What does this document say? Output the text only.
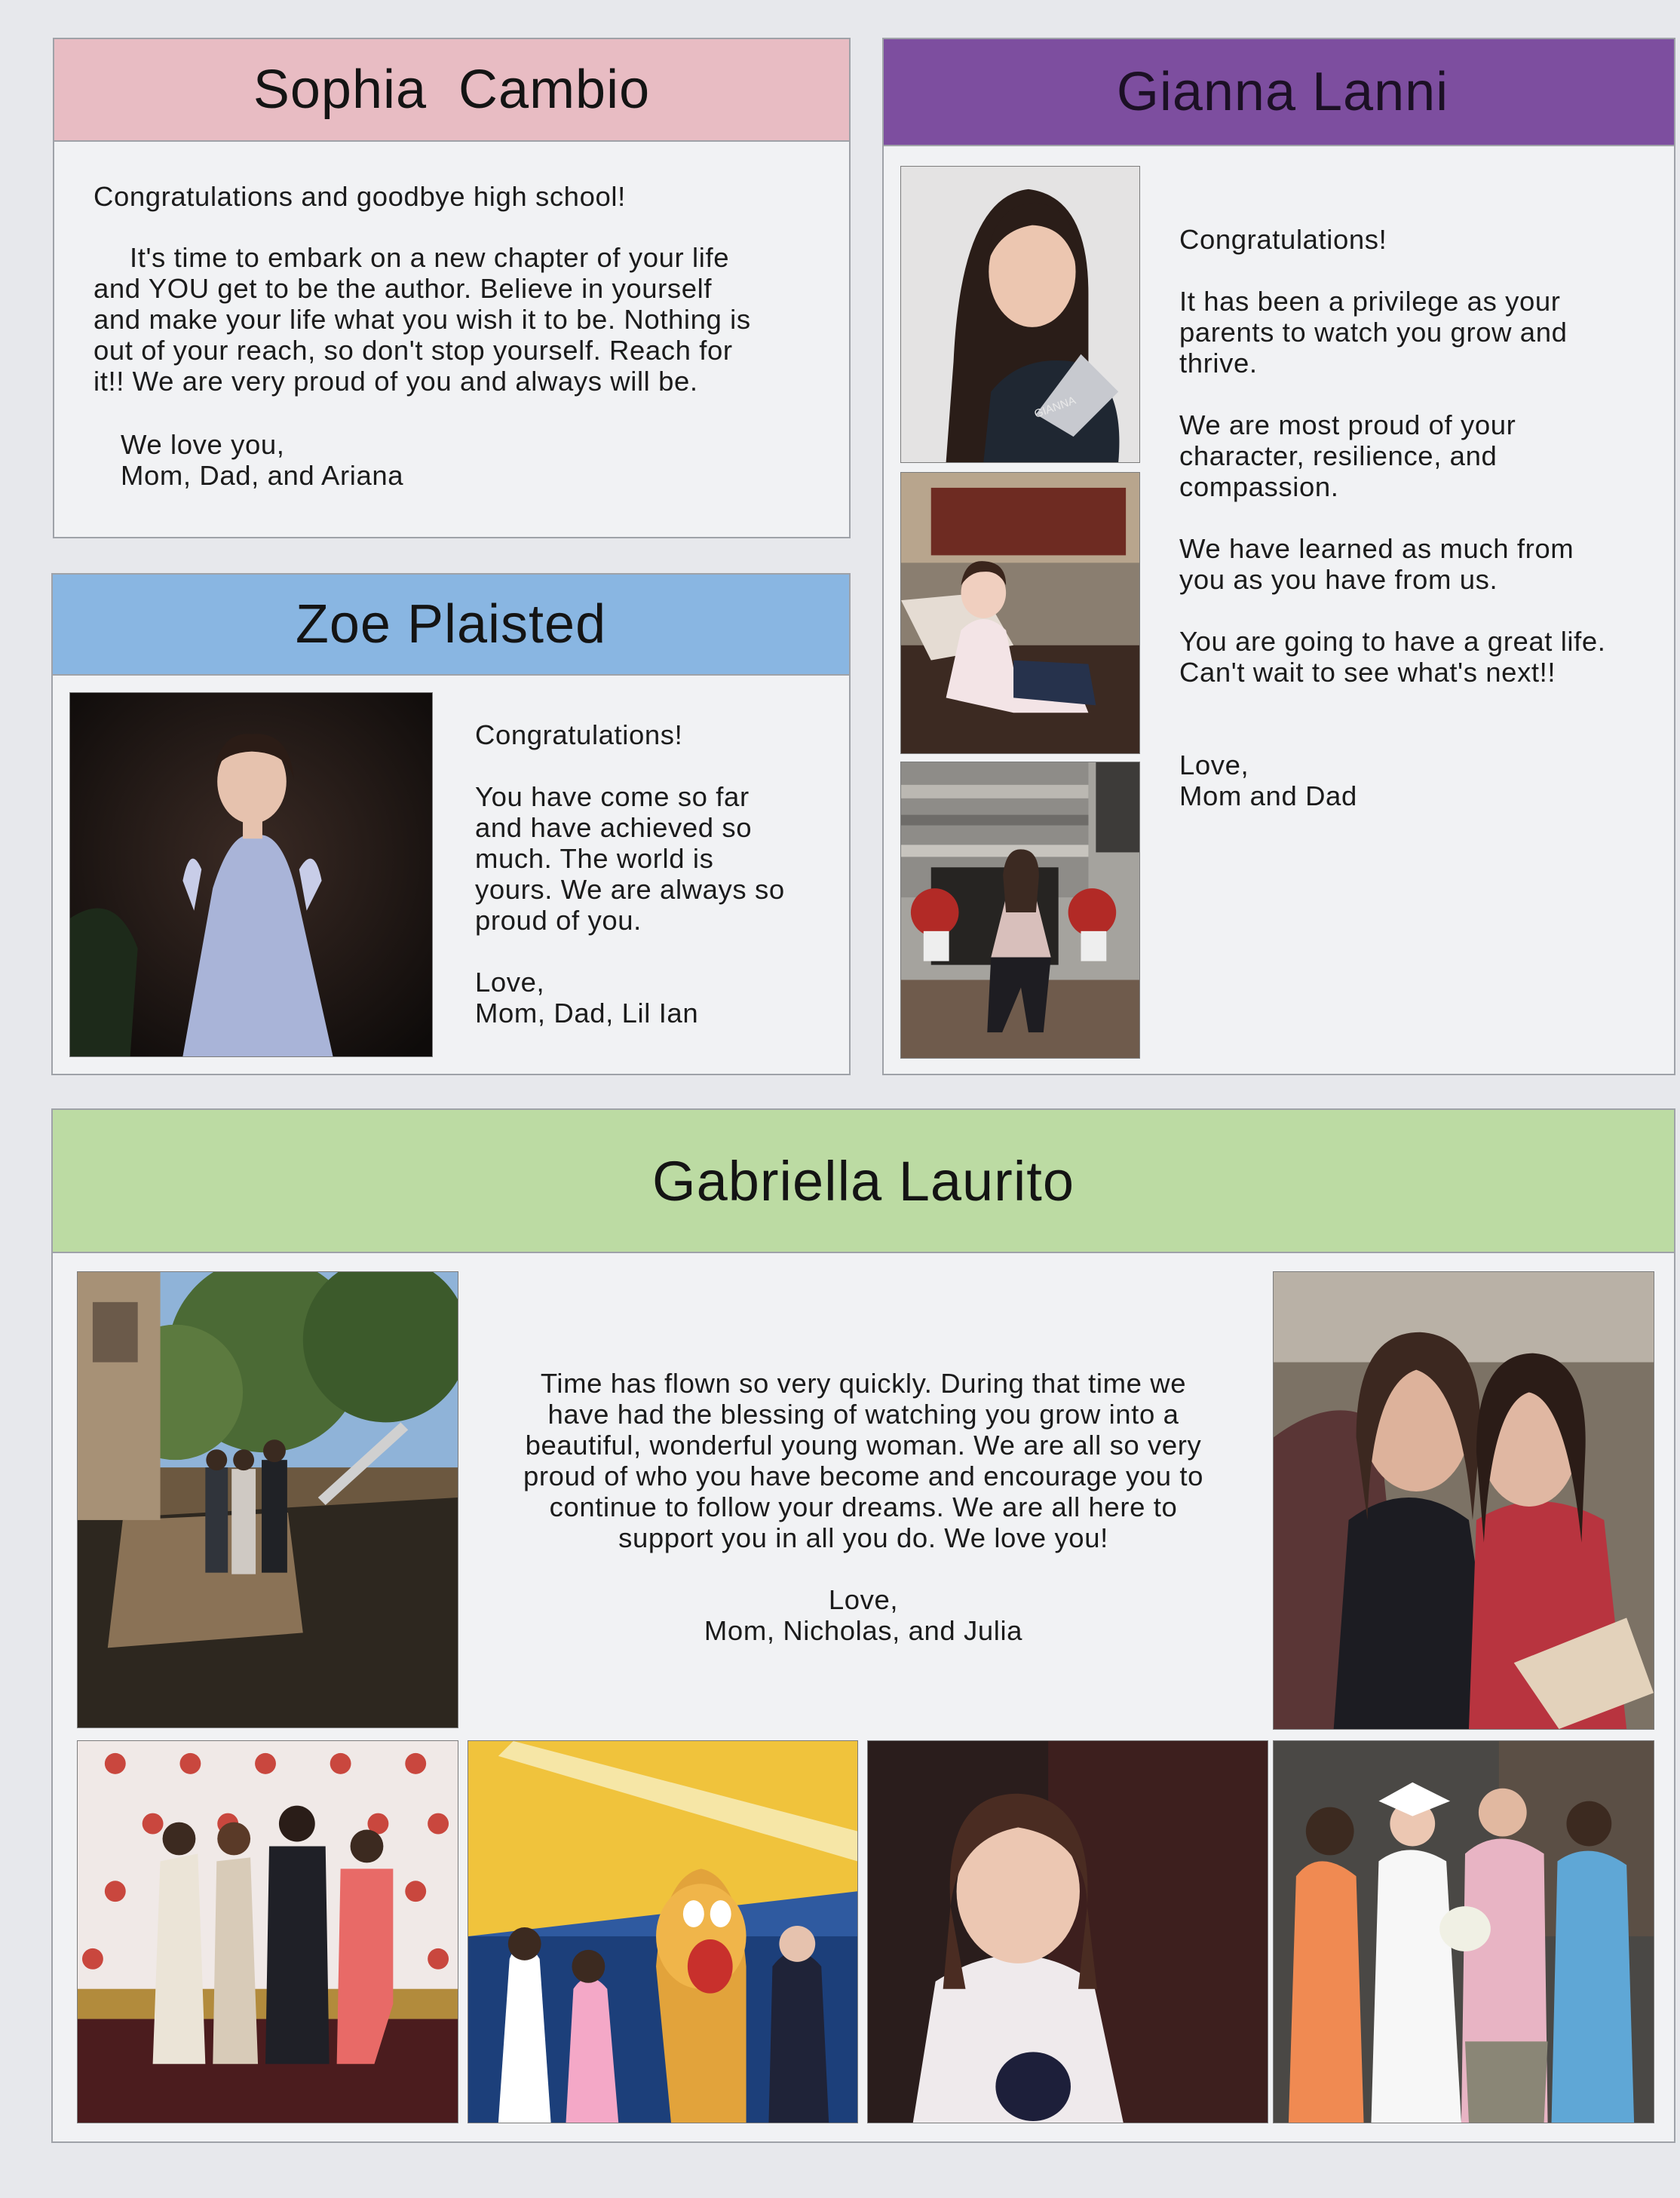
Sophia  Cambio

Congratulations and goodbye high school!

It's time to embark on a new chapter of your life

and YOU get to be the author. Believe in yourself

and make your life what you wish it to be. Nothing is

out of your reach, so don't stop yourself. Reach for

it!! We are very proud of you and always will be.

We love you,

Mom, Dad, and Ariana

Zoe Plaisted

Congratulations!

You have come so far

and have achieved so

much. The world is

yours. We are always so

proud of you.

Love,

Mom, Dad, Lil Ian

Gianna Lanni
GIANNA

Congratulations!

It has been a privilege as your

parents to watch you grow and

thrive.

We are most proud of your

character, resilience, and

compassion.

We have learned as much from

you as you have from us.

You are going to have a great life.

Can't wait to see what's next!!

Love,

Mom and Dad

Gabriella Laurito

Time has flown so very quickly. During that time we

have had the blessing of watching you grow into a

beautiful, wonderful young woman. We are all so very

proud of who you have become and encourage you to

continue to follow your dreams. We are all here to

support you in all you do. We love you!

Love,

Mom, Nicholas, and Julia
